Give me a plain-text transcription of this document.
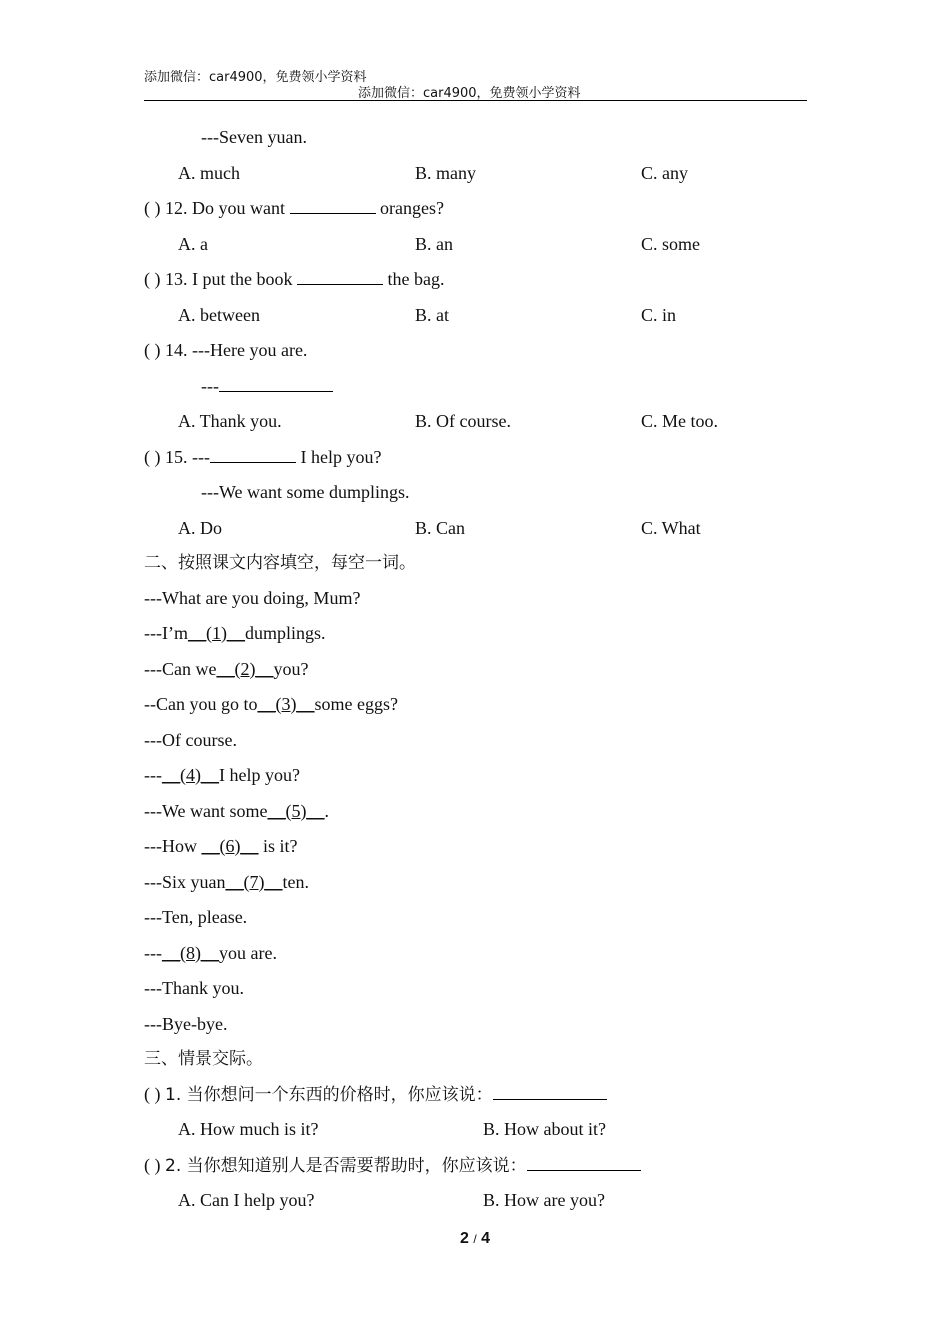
添加微信：car4900，免费领小学资料
添加微信：car4900，免费领小学资料
---Seven yuan.
A. much	B. many	C. any
( ) 12. Do you want	oranges?
A. a	B. an	C. some
( ) 13. I put the book	the bag.
A. between	B. at	C. in
( ) 14. ---Here you are.
---
A. Thank you.	B. Of course.	C. Me too.
( ) 15. ---	I help you?
---We want some dumplings.
A. Do	B. Can	C. What
二、按照课文内容填空，每空一词。
---What are you doing, Mum?
---I’m__(1)__dumplings.
---Can we__(2)__you?
--Can you go to__(3)__some eggs?
---Of course.
---__(4)__I help you?
---We want some__(5)__.
---How __(6)__ is it?
---Six yuan__(7)__ten.
---Ten, please.
---__(8)__you are.
---Thank you.
---Bye-bye.
三、情景交际。
( ) 1. 当你想问一个东西的价格时，你应该说：
A. How much is it?	B. How about it?
( ) 2. 当你想知道别人是否需要帮助时，你应该说：
A. Can I help you?	B. How are you?
2 / 4
